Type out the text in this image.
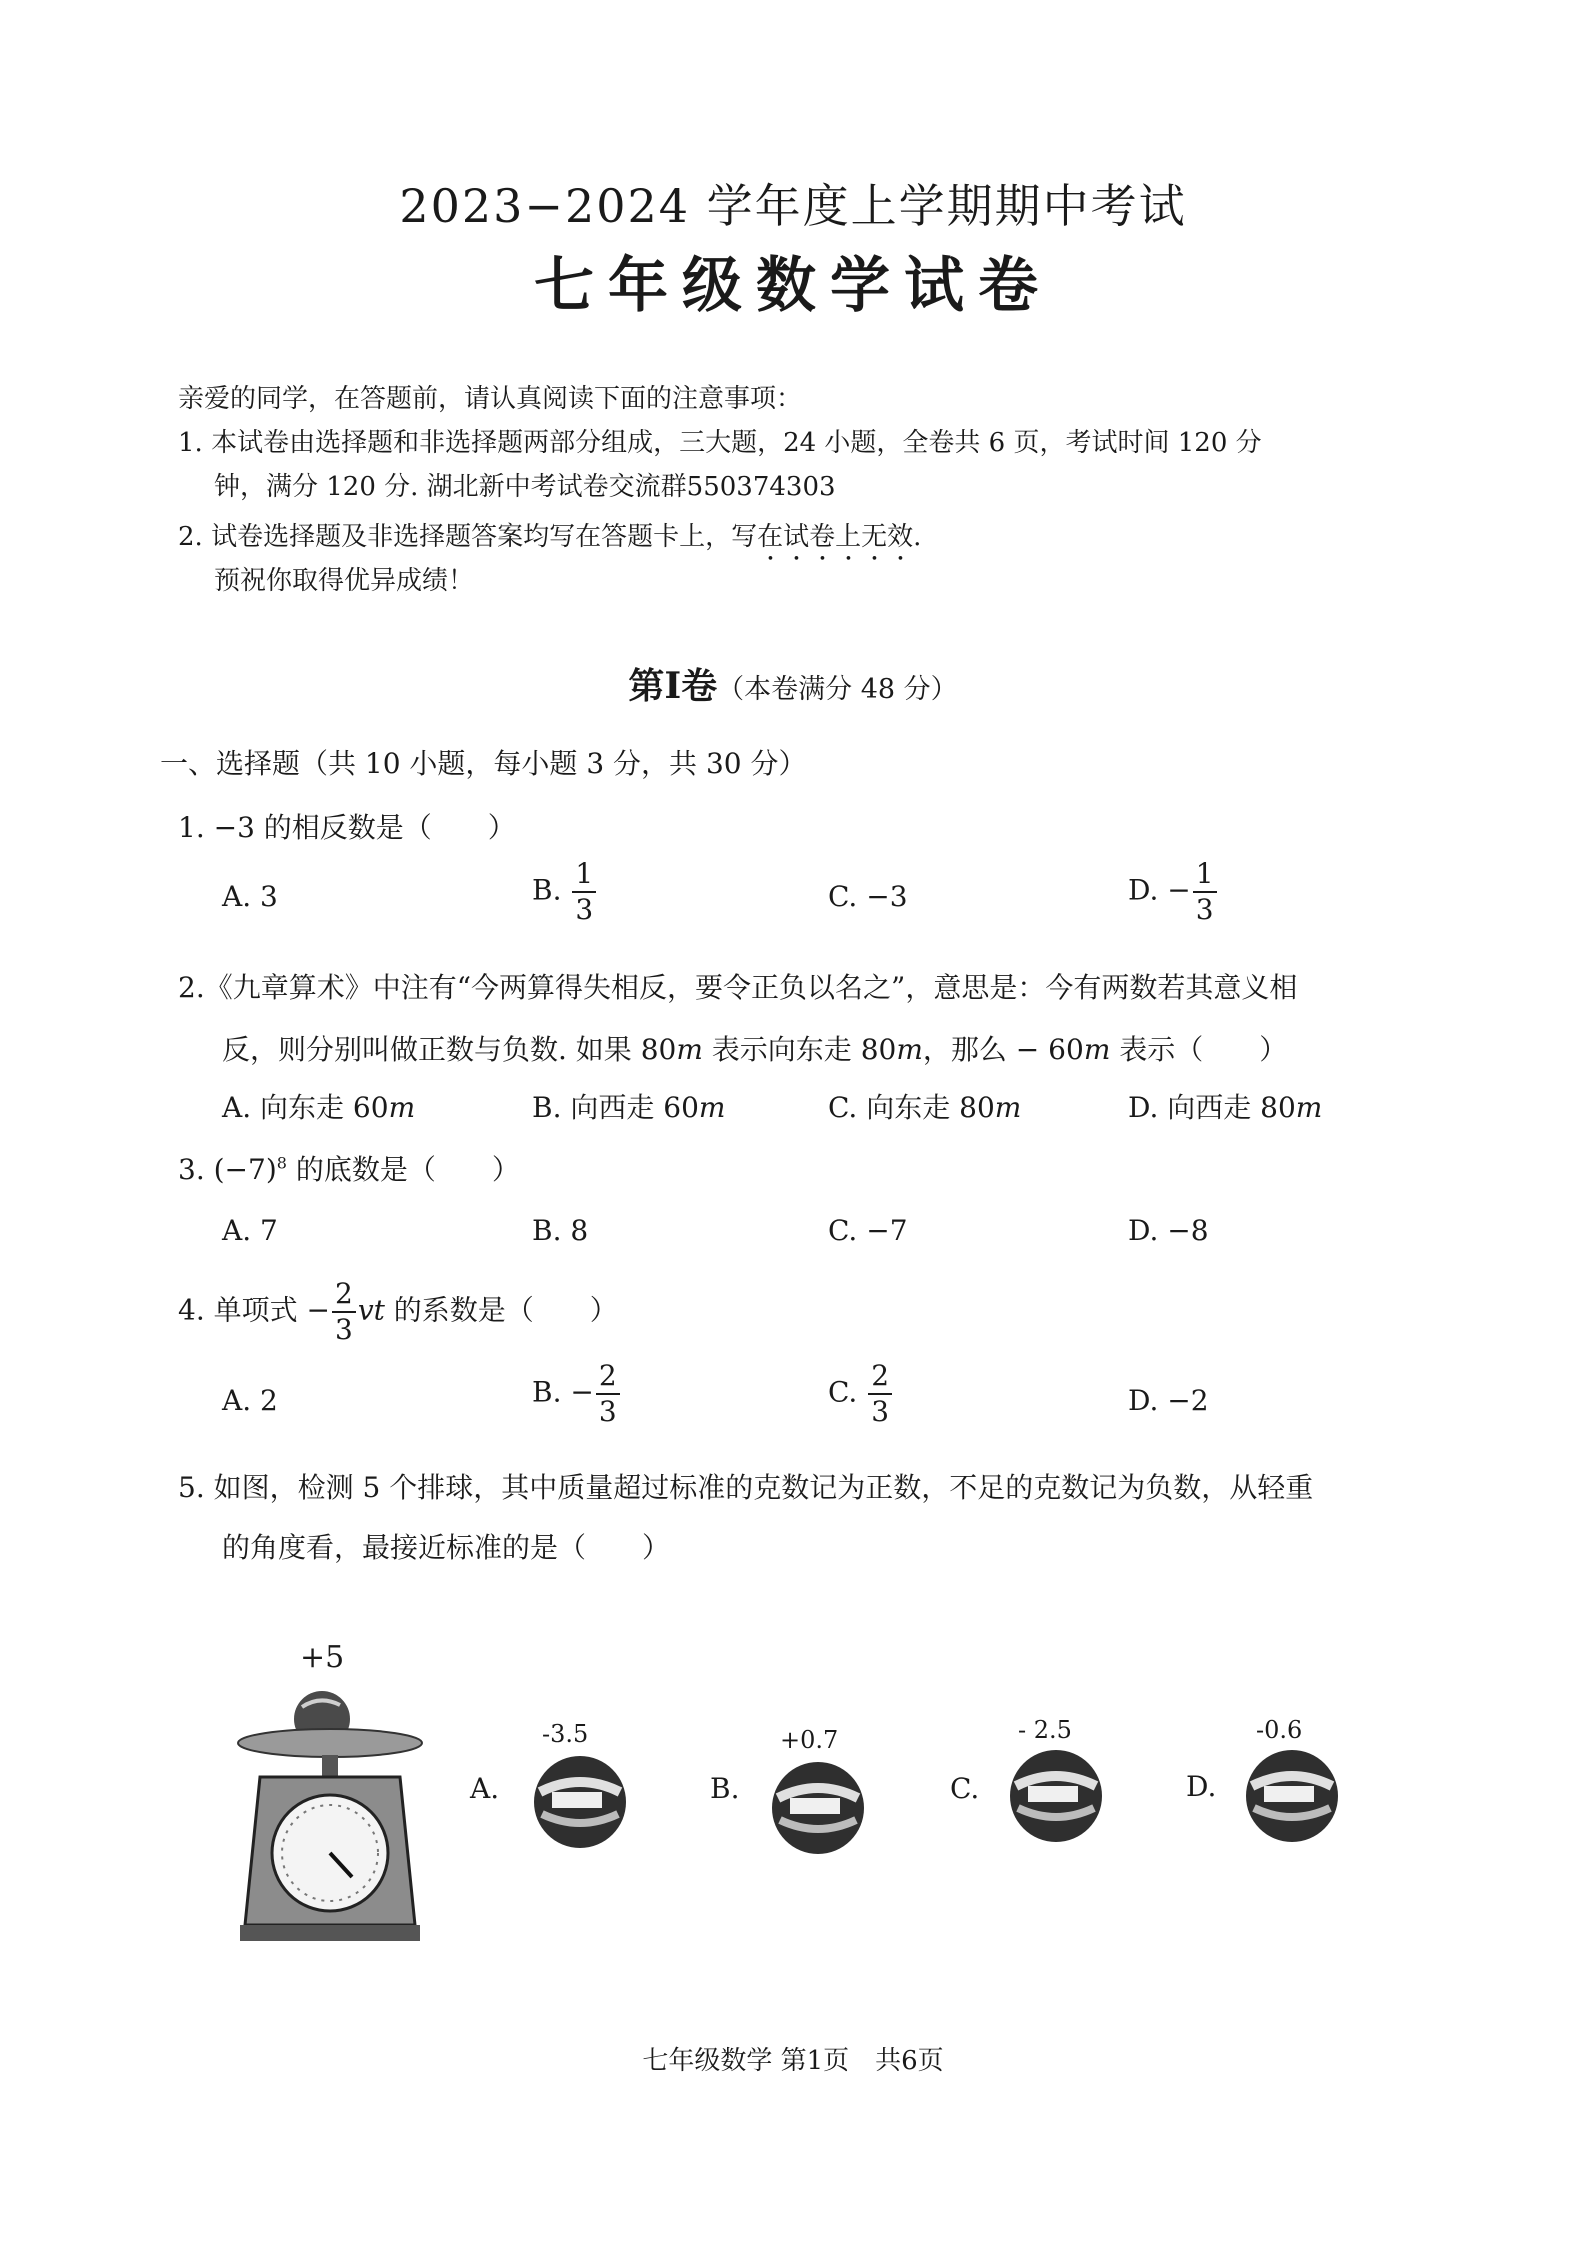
2023−2024 学年度上学期期中考试
七年级数学试卷
亲爱的同学，在答题前，请认真阅读下面的注意事项：
1. 本试卷由选择题和非选择题两部分组成，三大题，24 小题，全卷共 6 页，考试时间 120 分
钟，满分 120 分. 湖北新中考试卷交流群550374303
2. 试卷选择题及非选择题答案均写在答题卡上，写在试卷上无效.
预祝你取得优异成绩！
第Ⅰ卷（本卷满分 48 分）
一、选择题（共 10 小题，每小题 3 分，共 30 分）
1. −3 的相反数是（　　）
A. 3	B. $\frac{1}{3}$	C. −3	D. − $\frac{1}{3}$
2.《九章算术》中注有“今两算得失相反，要令正负以名之”，意思是：今有两数若其意义相
反，则分别叫做正数与负数. 如果 80m 表示向东走 80m，那么 − 60m 表示（　　）
A. 向东走 60m	B. 向西走 60m	C. 向东走 80m	D. 向西走 80m
3. $(-7)^8$ 的底数是（　　）
A. 7	B. 8	C. −7	D. −8
4. 单项式 − $\frac{2}{3}$ vt 的系数是（　　）
A. 2	B. − $\frac{2}{3}$	C. $\frac{2}{3}$	D. −2
5. 如图，检测 5 个排球，其中质量超过标准的克数记为正数，不足的克数记为负数，从轻重
的角度看，最接近标准的是（　　）
+5
A.
-3.5
B.
+0.7
C.
- 2.5
D.
-0.6
七年级数学 第1页　共6页
